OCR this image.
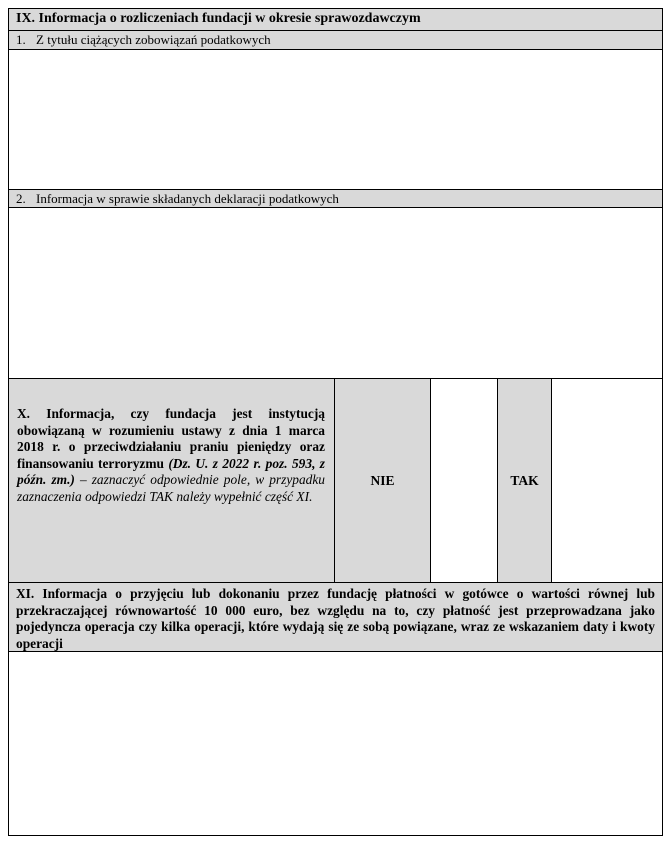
IX. Informacja o rozliczeniach fundacji w okresie sprawozdawczym
1. Z tytułu ciążących zobowiązań podatkowych
2. Informacja w sprawie składanych deklaracji podatkowych
X. Informacja, czy fundacja jest instytucją obowiązaną w rozumieniu ustawy z dnia 1 marca 2018 r. o przeciwdziałaniu praniu pieniędzy oraz finansowaniu terroryzmu (Dz. U. z 2022 r. poz. 593, z późn. zm.) – zaznaczyć odpowiednie pole, w przypadku zaznaczenia odpowiedzi TAK należy wypełnić część XI.
NIE	TAK
XI. Informacja o przyjęciu lub dokonaniu przez fundację płatności w gotówce o wartości równej lub przekraczającej równowartość 10 000 euro, bez względu na to, czy płatność jest przeprowadzana jako pojedyncza operacja czy kilka operacji, które wydają się ze sobą powiązane, wraz ze wskazaniem daty i kwoty operacji
